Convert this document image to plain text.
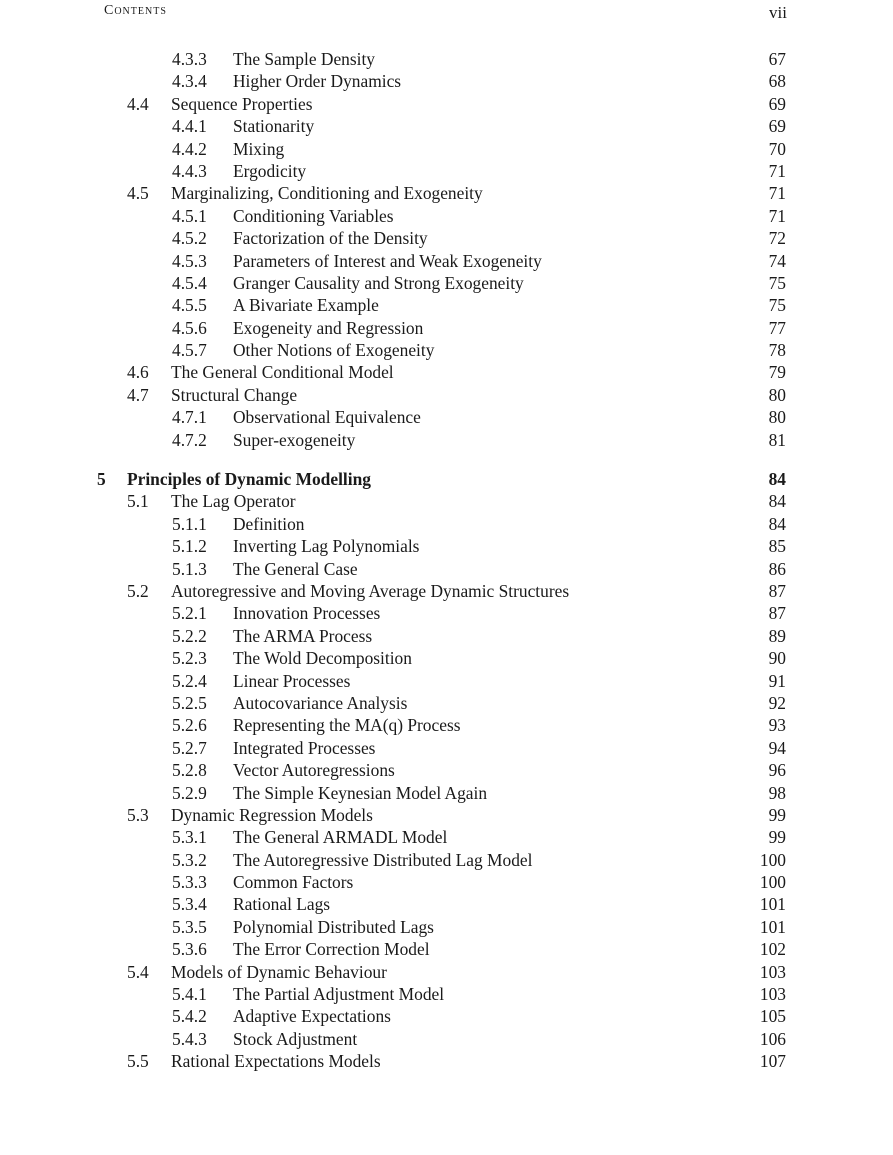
Contents	vii
4.3.3 The Sample Density	67
4.3.4 Higher Order Dynamics	68
4.4 Sequence Properties	69
4.4.1 Stationarity	69
4.4.2 Mixing	70
4.4.3 Ergodicity	71
4.5 Marginalizing, Conditioning and Exogeneity	71
4.5.1 Conditioning Variables	71
4.5.2 Factorization of the Density	72
4.5.3 Parameters of Interest and Weak Exogeneity	74
4.5.4 Granger Causality and Strong Exogeneity	75
4.5.5 A Bivariate Example	75
4.5.6 Exogeneity and Regression	77
4.5.7 Other Notions of Exogeneity	78
4.6 The General Conditional Model	79
4.7 Structural Change	80
4.7.1 Observational Equivalence	80
4.7.2 Super-exogeneity	81
5 Principles of Dynamic Modelling	84
5.1 The Lag Operator	84
5.1.1 Definition	84
5.1.2 Inverting Lag Polynomials	85
5.1.3 The General Case	86
5.2 Autoregressive and Moving Average Dynamic Structures	87
5.2.1 Innovation Processes	87
5.2.2 The ARMA Process	89
5.2.3 The Wold Decomposition	90
5.2.4 Linear Processes	91
5.2.5 Autocovariance Analysis	92
5.2.6 Representing the MA(q) Process	93
5.2.7 Integrated Processes	94
5.2.8 Vector Autoregressions	96
5.2.9 The Simple Keynesian Model Again	98
5.3 Dynamic Regression Models	99
5.3.1 The General ARMADL Model	99
5.3.2 The Autoregressive Distributed Lag Model	100
5.3.3 Common Factors	100
5.3.4 Rational Lags	101
5.3.5 Polynomial Distributed Lags	101
5.3.6 The Error Correction Model	102
5.4 Models of Dynamic Behaviour	103
5.4.1 The Partial Adjustment Model	103
5.4.2 Adaptive Expectations	105
5.4.3 Stock Adjustment	106
5.5 Rational Expectations Models	107
